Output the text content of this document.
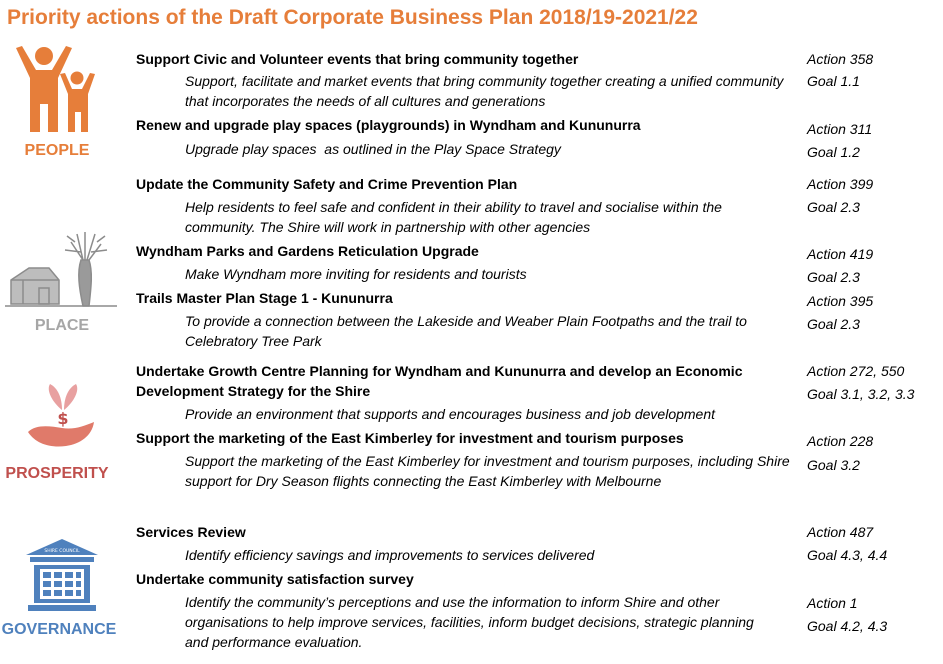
Priority actions of the Draft Corporate Business Plan 2018/19-2021/22
PEOPLE
PLACE
$
PROSPERITY
SHIRE COUNCIL
GOVERNANCE
Support Civic and Volunteer events that bring community together
Support, facilitate and market events that bring community together creating a unified community that incorporates the needs of all cultures and generations
Action 358
Goal 1.1
Renew and upgrade play spaces (playgrounds) in Wyndham and Kununurra
Upgrade play spaces  as outlined in the Play Space Strategy
Action 311
Goal 1.2
Update the Community Safety and Crime Prevention Plan
Help residents to feel safe and confident in their ability to travel and socialise within the community. The Shire will work in partnership with other agencies
Action 399
Goal 2.3
Wyndham Parks and Gardens Reticulation Upgrade
Make Wyndham more inviting for residents and tourists
Action 419
Goal 2.3
Trails Master Plan Stage 1 - Kununurra
To provide a connection between the Lakeside and Weaber Plain Footpaths and the trail to Celebratory Tree Park
Action 395
Goal 2.3
Undertake Growth Centre Planning for Wyndham and Kununurra and develop an Economic Development Strategy for the Shire
Provide an environment that supports and encourages business and job development
Action 272, 550
Goal 3.1, 3.2, 3.3
Support the marketing of the East Kimberley for investment and tourism purposes
Support the marketing of the East Kimberley for investment and tourism purposes, including Shire support for Dry Season flights connecting the East Kimberley with Melbourne
Action 228
Goal 3.2
Services Review
Identify efficiency savings and improvements to services delivered
Action 487
Goal 4.3, 4.4
Undertake community satisfaction survey
Identify the community’s perceptions and use the information to inform Shire and other organisations to help improve services, facilities, inform budget decisions, strategic planning and performance evaluation.
Action 1
Goal 4.2, 4.3
